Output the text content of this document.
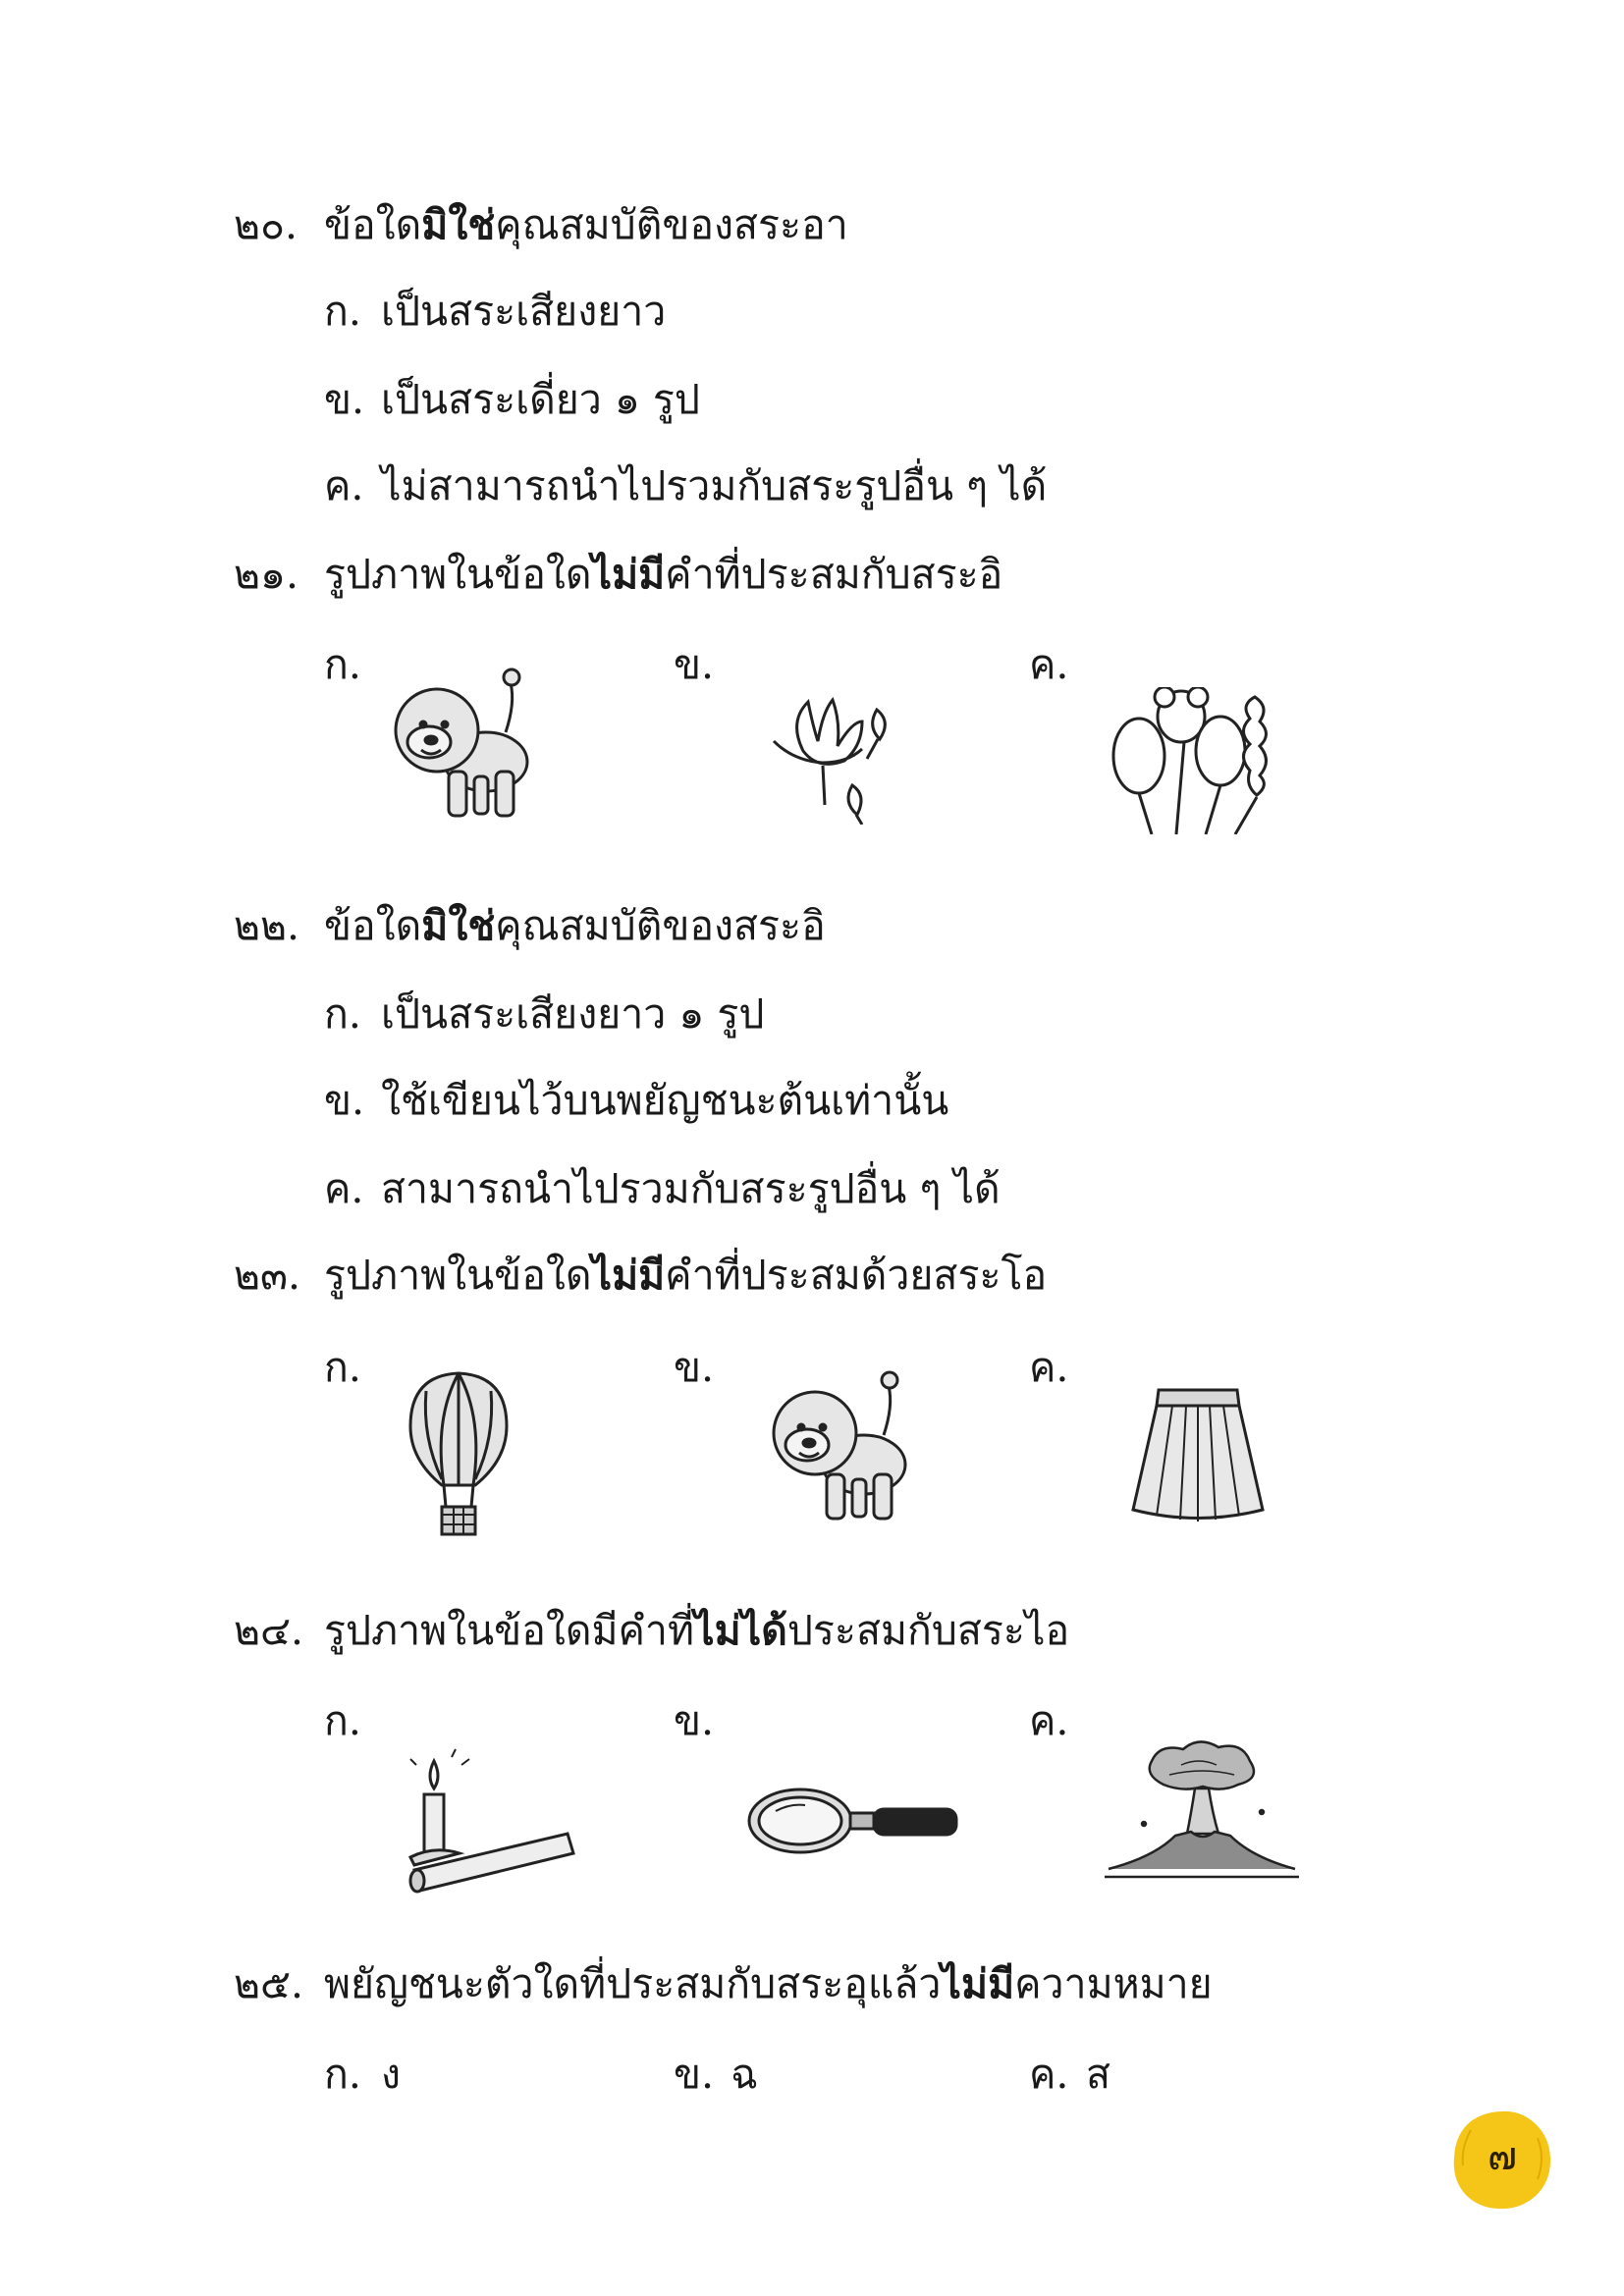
๒๐. ข้อใดมิใช่คุณสมบัติของสระอา
ก. เป็นสระเสียงยาว
ข. เป็นสระเดี่ยว ๑ รูป
ค. ไม่สามารถนำไปรวมกับสระรูปอื่น ๆ ได้
๒๑. รูปภาพในข้อใดไม่มีคำที่ประสมกับสระอิ
ก.	ข.	ค.
๒๒. ข้อใดมิใช่คุณสมบัติของสระอิ
ก. เป็นสระเสียงยาว ๑ รูป
ข. ใช้เขียนไว้บนพยัญชนะต้นเท่านั้น
ค. สามารถนำไปรวมกับสระรูปอื่น ๆ ได้
๒๓. รูปภาพในข้อใดไม่มีคำที่ประสมด้วยสระโอ
ก.	ข.	ค.
๒๔. รูปภาพในข้อใดมีคำที่ไม่ได้ประสมกับสระไอ
ก.	ข.	ค.
๒๕. พยัญชนะตัวใดที่ประสมกับสระอุแล้วไม่มีความหมาย
ก. ง	ข. ฉ	ค. ส
๗
